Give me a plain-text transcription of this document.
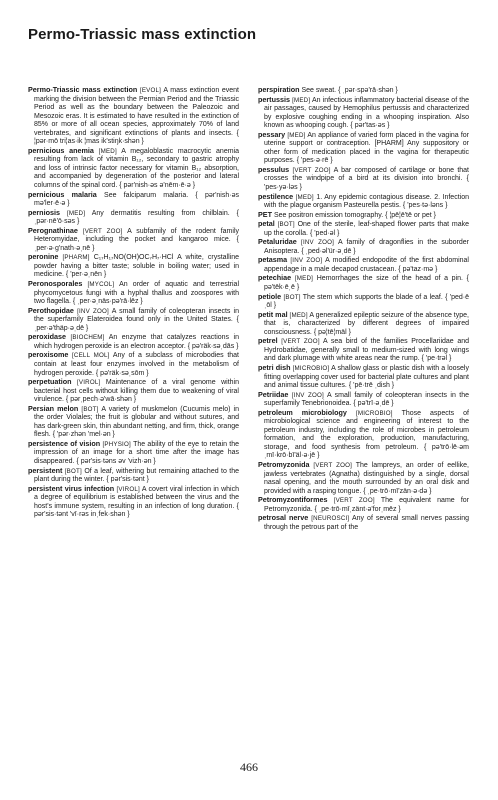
Permo-Triassic mass extinction

Permo-Triassic mass extinction [EVOL] A mass extinction event marking the division between the Permian Period and the Triassic Period as well as the boundary between the Paleozoic and Mesozoic eras. It is estimated to have resulted in the extinction of 85% or more of all ocean species, approximately 70% of land vertebrates, and significant extinctions of plants and insects. { ¦pər·mō tri¦as·ik ¦mas ik'stiŋk·shən }

pernicious anemia [MED] A megaloblastic macrocytic anemia resulting from lack of vitamin B₁₂, secondary to gastric atrophy and loss of intrinsic factor necessary for vitamin B₁₂ absorption, and accompanied by degeneration of the posterior and lateral columns of the spinal cord. { pər'nish·əs ə'nēm·ē·ə }

pernicious malaria See falciparum malaria. { pər'nish·əs mə'ler·ē·ə }

perniosis [MED] Any dermatitis resulting from chilblain. { ˌpər·nē'ō·səs }

Perognathinae [VERT ZOO] A subfamily of the rodent family Heteromyidae, including the pocket and kangaroo mice. { ˌper·ə·g'nath·əˌnē }

peronine [PHARM] C₁₇H₁₇NO(OH)OC₇H₇·HCl A white, crystalline powder having a bitter taste; soluble in boiling water; used in medicine. { 'per·əˌnēn }

Peronosporales [MYCOL] An order of aquatic and terrestrial phycomycetous fungi with a hyphal thallus and zoospores with two flagella. { ˌper·əˌnäs·pə'rā·lēz }

Perothopidae [INV ZOO] A small family of coleopteran insects in the superfamily Elateroidea found only in the United States. { ˌper·ə'thäp·əˌdē }

peroxidase [BIOCHEM] An enzyme that catalyzes reactions in which hydrogen peroxide is an electron acceptor. { pə'räk·səˌdās }

peroxisome [CELL MOL] Any of a subclass of microbodies that contain at least four enzymes involved in the metabolism of hydrogen peroxide. { pə'räk·səˌsōm }

perpetuation [VIROL] Maintenance of a viral genome within bacterial host cells without killing them due to weakening of viral virulence. { pərˌpech·ə'wā·shən }

Persian melon [BOT] A variety of muskmelon (Cucumis melo) in the order Violales; the fruit is globular and without sutures, and has dark-green skin, thin abundant netting, and firm, thick, orange flesh. { 'pər·zhən 'mel·ən }

persistence of vision [PHYSIO] The ability of the eye to retain the impression of an image for a short time after the image has disappeared. { pər'sis·təns əv 'vizh·ən }

persistent [BOT] Of a leaf, withering but remaining attached to the plant during the winter. { pər'sis·tənt }

persistent virus infection [VIROL] A covert viral infection in which a degree of equilibrium is established between the virus and the host's immune system, resulting in an infection of long duration. { pər'sis·tənt 'vī·rəs inˌfek·shən }

perspiration See sweat. { ˌpər·spə'rā·shən }

pertussis [MED] An infectious inflammatory bacterial disease of the air passages, caused by Hemophilus pertussis and characterized by explosive coughing ending in a whooping inspiration. Also known as whooping cough. { pər'tas·əs }

pessary [MED] An appliance of varied form placed in the vagina for uterine support or contraception. [PHARM] Any suppository or other form of medication placed in the vagina for therapeutic purposes. { 'pes·ə·rē }

pessulus [VERT ZOO] A bar composed of cartilage or bone that crosses the windpipe of a bird at its division into bronchi. { 'pes·yə·ləs }

pestilence [MED] 1. Any epidemic contagious disease. 2. Infection with the plague organism Pasteurella pestis. { 'pes·tə·ləns }

PET See positron emission tomography. { ¦pē¦ē'tē or pet }

petal [BOT] One of the sterile, leaf-shaped flower parts that make up the corolla. { 'ped·əl }

Petaluridae [INV ZOO] A family of dragonflies in the suborder Anisoptera. { ˌped·əl'ür·əˌdē }

petasma [INV ZOO] A modified endopodite of the first abdominal appendage in a male decapod crustacean. { pə'taz·mə }

petechiae [MED] Hemorrhages the size of the head of a pin. { pə'tēk·ēˌē }

petiole [BOT] The stem which supports the blade of a leaf. { 'ped·ēˌōl }

petit mal [MED] A generalized epileptic seizure of the absence type, that is, characterized by different degrees of impaired consciousness. { pə¦tē¦mäl }

petrel [VERT ZOO] A sea bird of the families Procellariidae and Hydrobatidae, generally small to medium-sized with long wings and dark plumage with white areas near the rump. { 'pe·trəl }

petri dish [MICROBIO] A shallow glass or plastic dish with a loosely fitting overlapping cover used for bacterial plate cultures and plant and animal tissue cultures. { 'pē·trē ˌdish }

Petriidae [INV ZOO] A small family of coleopteran insects in the superfamily Tenebrionoidea. { pə'trī·əˌdē }

petroleum microbiology [MICROBIO] Those aspects of microbiological science and engineering of interest to the petroleum industry, including the role of microbes in petroleum formation, and the exploration, production, manufacturing, storage, and food synthesis from petroleum. { pə'trō·lē·əm ˌmī·krō·bī'äl·ə·jē }

Petromyzonida [VERT ZOO] The lampreys, an order of eellike, jawless vertebrates (Agnatha) distinguished by a single, dorsal nasal opening, and the mouth surrounded by an oral disk and provided with a rasping tongue. { ˌpe·trō·mī'zän·ə·də }

Petromyzontiformes [VERT ZOO] The equivalent name for Petromyzonida. { ˌpe·trō·mīˌzänt·ə'forˌmēz }

petrosal nerve [NEUROSCI] Any of several small nerves passing through the petrous part of the

466
